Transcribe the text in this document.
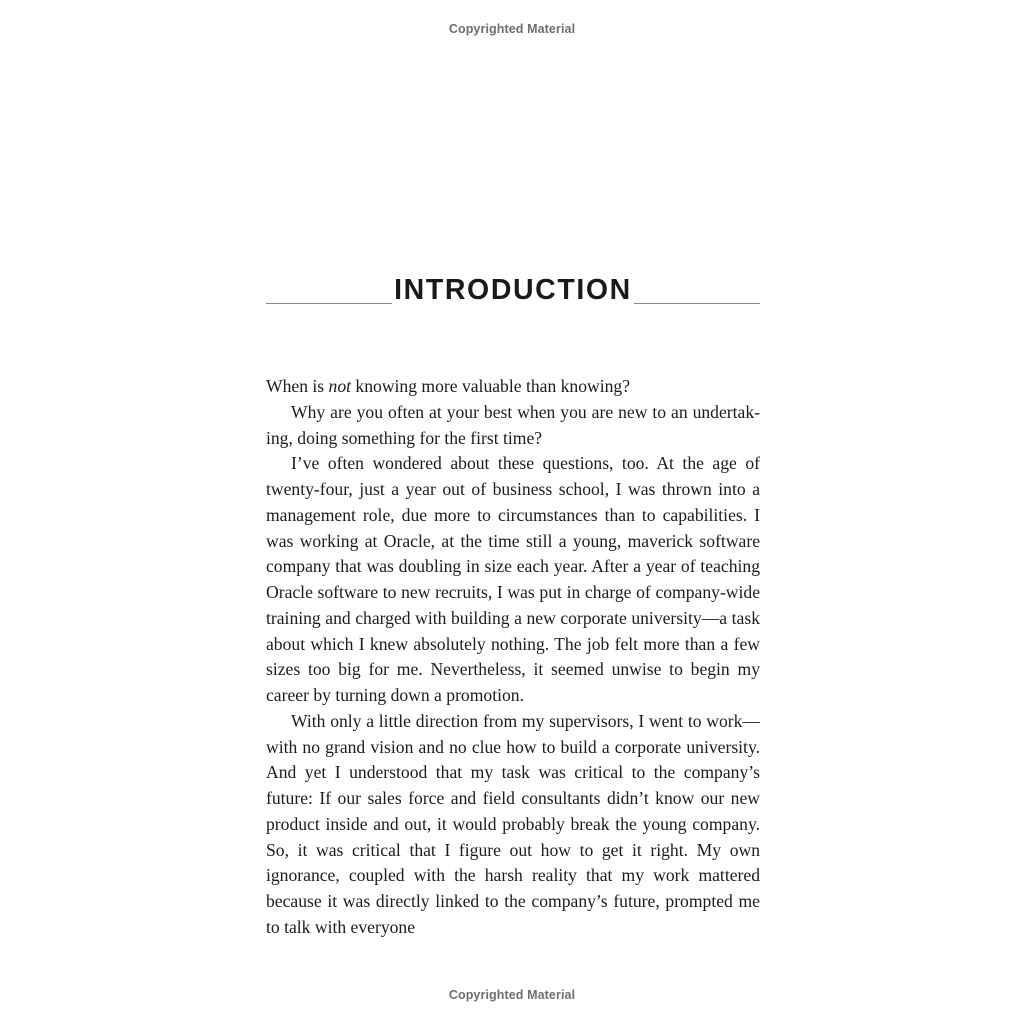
Copyrighted Material
INTRODUCTION

When is not knowing more valuable than knowing?

Why are you often at your best when you are new to an undertaking, doing something for the first time?

I’ve often wondered about these questions, too. At the age of twenty-four, just a year out of business school, I was thrown into a management role, due more to circumstances than to capabilities. I was working at Oracle, at the time still a young, maverick software company that was doubling in size each year. After a year of teaching Oracle software to new recruits, I was put in charge of company-wide training and charged with building a new corporate university—a task about which I knew absolutely nothing. The job felt more than a few sizes too big for me. Nevertheless, it seemed unwise to begin my career by turning down a promotion.

With only a little direction from my supervisors, I went to work— with no grand vision and no clue how to build a corporate university. And yet I understood that my task was critical to the company’s future: If our sales force and field consultants didn’t know our new product inside and out, it would probably break the young company. So, it was critical that I figure out how to get it right. My own ignorance, coupled with the harsh reality that my work mattered because it was directly linked to the company’s future, prompted me to talk with everyone

Copyrighted Material
